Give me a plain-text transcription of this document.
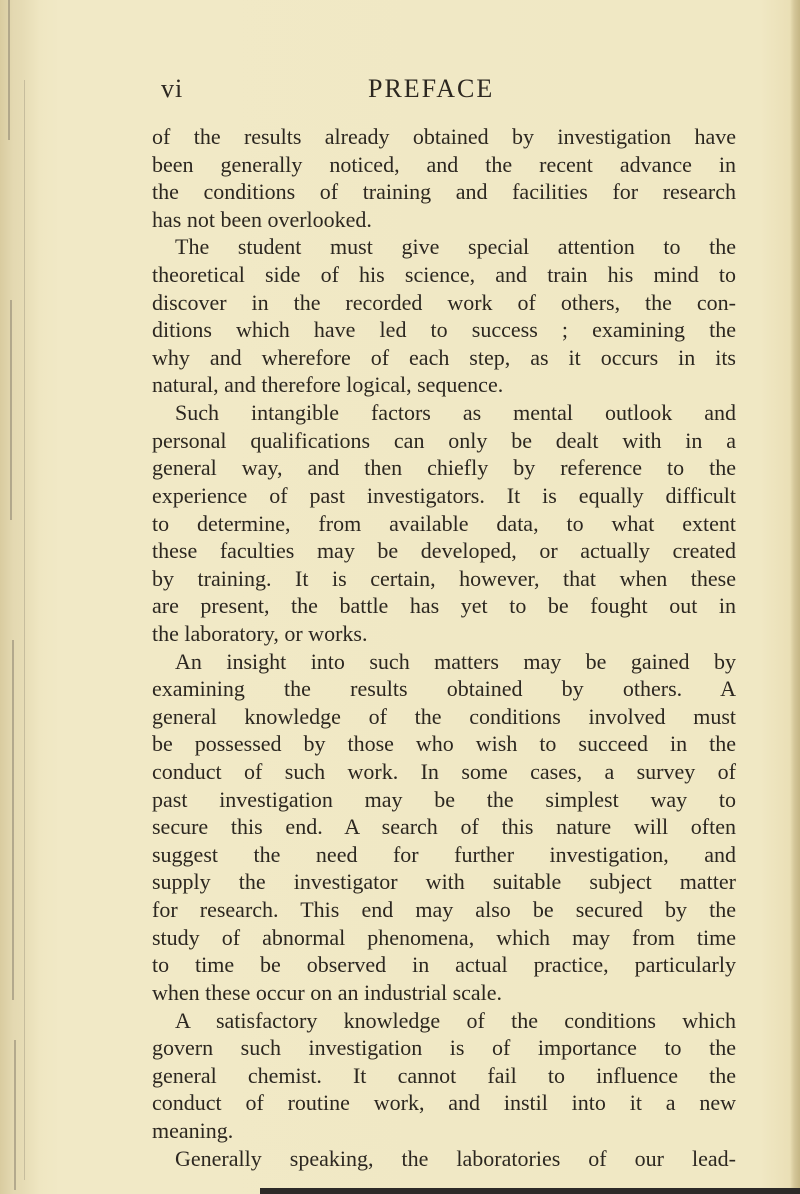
vi	PREFACE
of the results already obtained by investigation have
been generally noticed, and the recent advance in
the conditions of training and facilities for research
has not been overlooked.
The student must give special attention to the
theoretical side of his science, and train his mind to
discover in the recorded work of others, the con-
ditions which have led to success ; examining the
why and wherefore of each step, as it occurs in its
natural, and therefore logical, sequence.
Such intangible factors as mental outlook and
personal qualifications can only be dealt with in a
general way, and then chiefly by reference to the
experience of past investigators. It is equally difficult
to determine, from available data, to what extent
these faculties may be developed, or actually created
by training. It is certain, however, that when these
are present, the battle has yet to be fought out in
the laboratory, or works.
An insight into such matters may be gained by
examining the results obtained by others. A
general knowledge of the conditions involved must
be possessed by those who wish to succeed in the
conduct of such work. In some cases, a survey of
past investigation may be the simplest way to
secure this end. A search of this nature will often
suggest the need for further investigation, and
supply the investigator with suitable subject matter
for research. This end may also be secured by the
study of abnormal phenomena, which may from time
to time be observed in actual practice, particularly
when these occur on an industrial scale.
A satisfactory knowledge of the conditions which
govern such investigation is of importance to the
general chemist. It cannot fail to influence the
conduct of routine work, and instil into it a new
meaning.
Generally speaking, the laboratories of our lead-
